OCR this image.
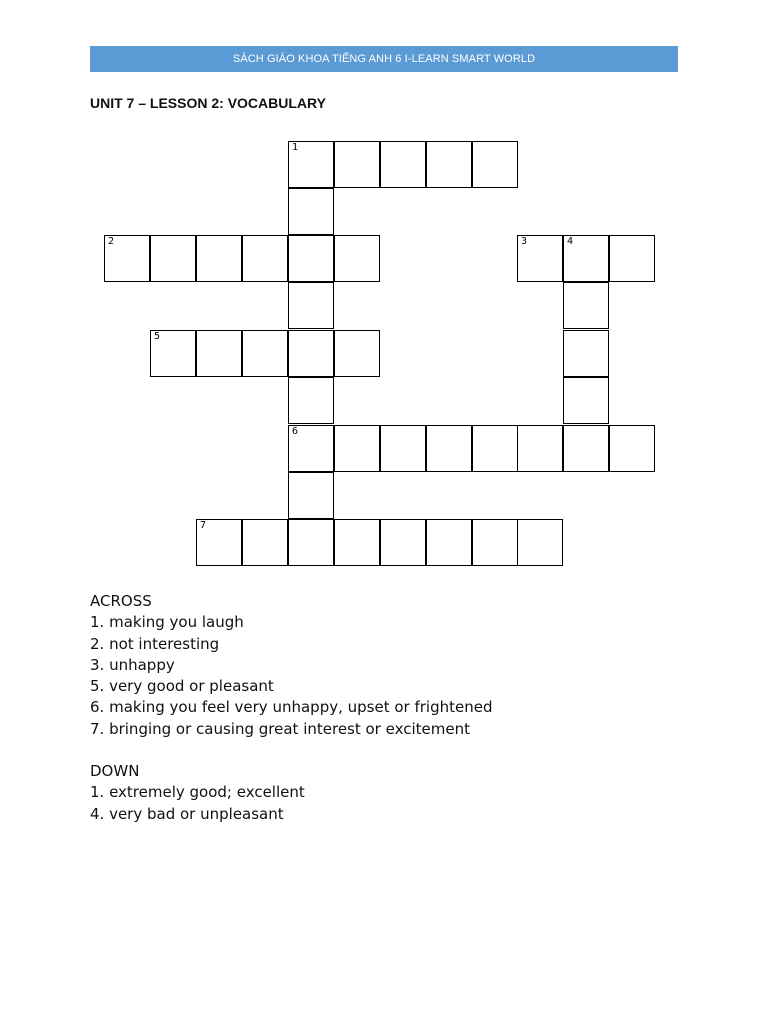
SÁCH GIÁO KHOA TIẾNG ANH 6 I-LEARN SMART WORLD
UNIT 7 – LESSON 2: VOCABULARY
1
2	3	4
5
6
7
ACROSS
1. making you laugh
2. not interesting
3. unhappy
5. very good or pleasant
6. making you feel very unhappy, upset or frightened
7. bringing or causing great interest or excitement
DOWN
1. extremely good; excellent
4. very bad or unpleasant
